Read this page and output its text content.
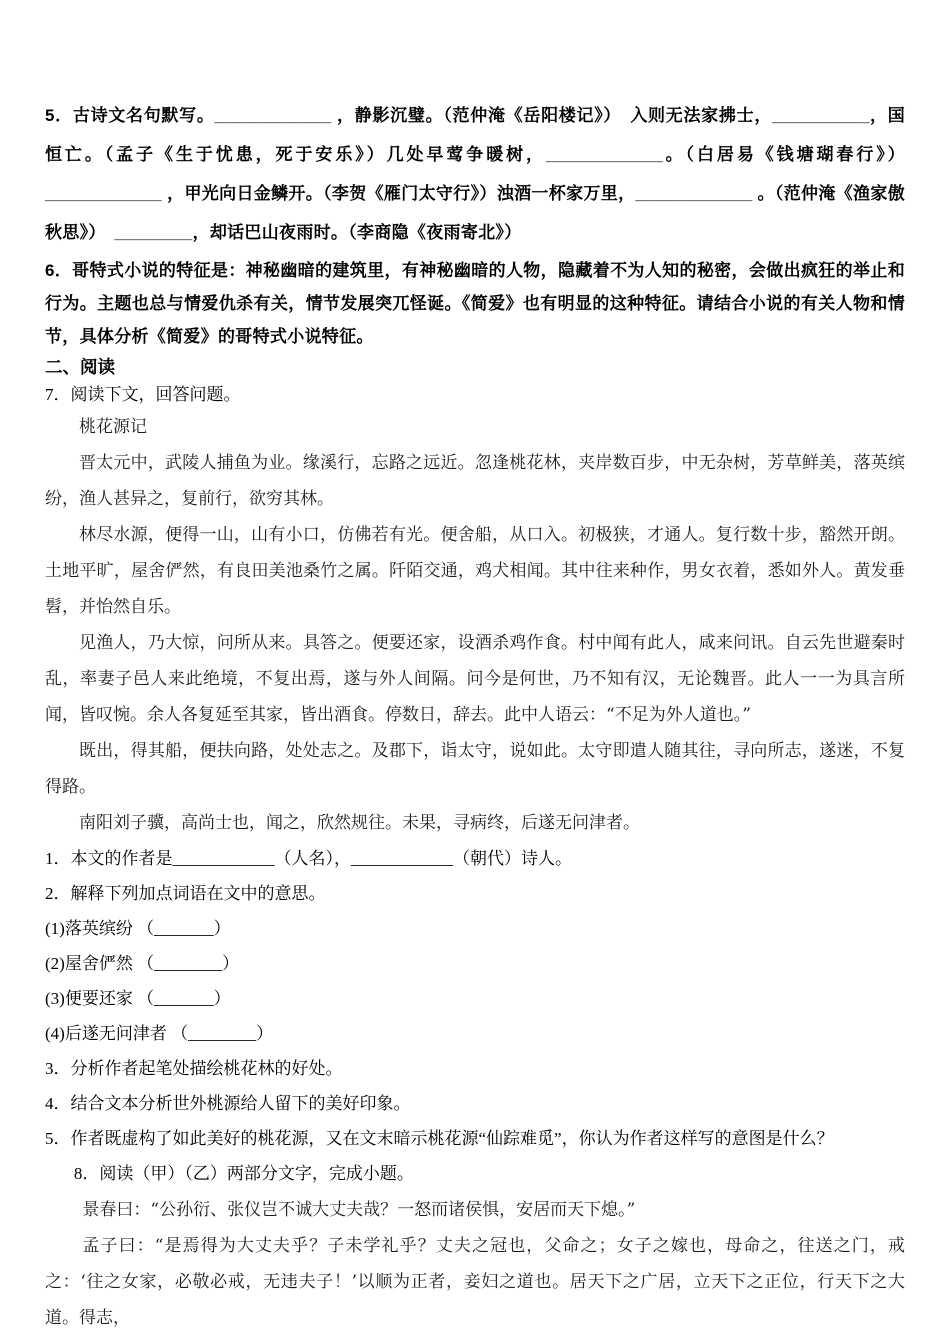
5．古诗文名句默写。____________ ，静影沉璧。（范仲淹《岳阳楼记》）　入则无法家拂士，__________，国恒亡。（孟子《生于忧患，死于安乐》）几处早莺争暖树，____________。（白居易《钱塘瑚春行》）____________ ，甲光向日金鳞开。（李贺《雁门太守行》）浊酒一杯家万里，____________ 。（范仲淹《渔家傲　秋思》）　________，却话巴山夜雨时。（李商隐《夜雨寄北》）

6．哥特式小说的特征是：神秘幽暗的建筑里，有神秘幽暗的人物，隐藏着不为人知的秘密，会做出疯狂的举止和行为。主题也总与情爱仇杀有关，情节发展突兀怪诞。《简爱》也有明显的这种特征。请结合小说的有关人物和情节，具体分析《简爱》的哥特式小说特征。

二、阅读

7．阅读下文，回答问题。

桃花源记

晋太元中，武陵人捕鱼为业。缘溪行，忘路之远近。忽逢桃花林，夹岸数百步，中无杂树，芳草鲜美，落英缤纷，渔人甚异之，复前行，欲穷其林。

林尽水源，便得一山，山有小口，仿佛若有光。便舍船，从口入。初极狭，才通人。复行数十步，豁然开朗。土地平旷，屋舍俨然，有良田美池桑竹之属。阡陌交通，鸡犬相闻。其中往来种作，男女衣着，悉如外人。黄发垂髫，并怡然自乐。

见渔人，乃大惊，问所从来。具答之。便要还家，设酒杀鸡作食。村中闻有此人，咸来问讯。自云先世避秦时乱，率妻子邑人来此绝境，不复出焉，遂与外人间隔。问今是何世，乃不知有汉，无论魏晋。此人一一为具言所闻，皆叹惋。余人各复延至其家，皆出酒食。停数日，辞去。此中人语云：“不足为外人道也。”

既出，得其船，便扶向路，处处志之。及郡下，诣太守，说如此。太守即遣人随其往，寻向所志，遂迷，不复得路。

南阳刘子骥，高尚士也，闻之，欣然规往。未果，寻病终，后遂无问津者。

1．本文的作者是____________（人名），____________（朝代）诗人。

2．解释下列加点词语在文中的意思。

(1)落英缤纷 （_______）

(2)屋舍俨然 （________）

(3)便要还家 （_______）

(4)后遂无问津者 （________）

3．分析作者起笔处描绘桃花林的好处。

4．结合文本分析世外桃源给人留下的美好印象。

5．作者既虚构了如此美好的桃花源，又在文末暗示桃花源“仙踪难觅”，你认为作者这样写的意图是什么？

8．阅读（甲）（乙）两部分文字，完成小题。

景春曰：“公孙衍、张仪岂不诚大丈夫哉？一怒而诸侯惧，安居而天下熄。”

孟子曰：“是焉得为大丈夫乎？子未学礼乎？丈夫之冠也，父命之；女子之嫁也，母命之，往送之门，戒之：‘往之女家，必敬必戒，无违夫子！’以顺为正者，妾妇之道也。居天下之广居，立天下之正位，行天下之大道。得志，
